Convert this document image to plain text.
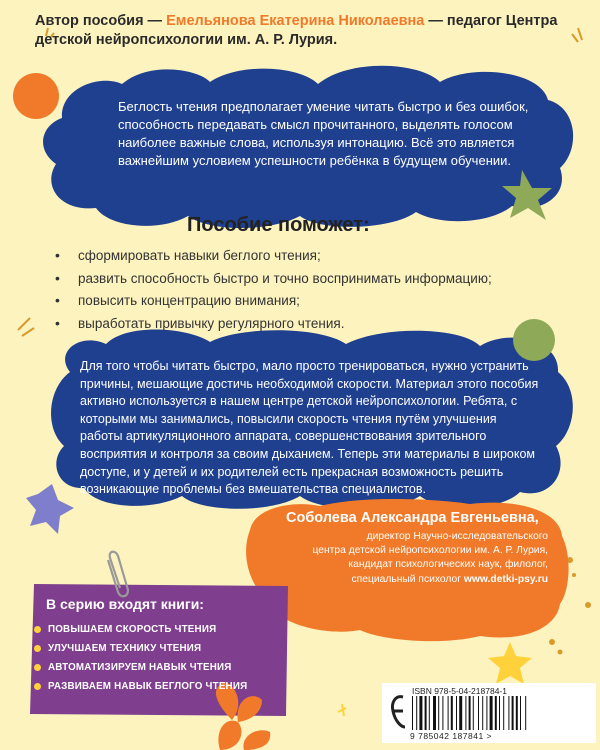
Автор пособия — Емельянова Екатерина Николаевна — педагог Центра детской нейропсихологии им. А. Р. Лурия.
Беглость чтения предполагает умение читать быстро и без ошибок, способность передавать смысл прочитанного, выделять голосом наиболее важные слова, используя интонацию. Всё это является важнейшим условием успешности ребёнка в будущем обучении.
Пособие поможет:
• сформировать навыки беглого чтения;
• развить способность быстро и точно воспринимать информацию;
• повысить концентрацию внимания;
• выработать привычку регулярного чтения.
Для того чтобы читать быстро, мало просто тренироваться, нужно устранить причины, мешающие достичь необходимой скорости. Материал этого пособия активно используется в нашем центре детской нейропсихологии. Ребята, с которыми мы занимались, повысили скорость чтения путём улучшения работы артикуляционного аппарата, совершенствования зрительного восприятия и контроля за своим дыханием. Теперь эти материалы в широком доступе, и у детей и их родителей есть прекрасная возможность решить возникающие проблемы без вмешательства специалистов.
Соболева Александра Евгеньевна,
директор Научно-исследовательского
центра детской нейропсихологии им. А. Р. Лурия,
кандидат психологических наук, филолог,
специальный психолог www.detki-psy.ru
В серию входят книги:
ПОВЫШАЕМ СКОРОСТЬ ЧТЕНИЯ
УЛУЧШАЕМ ТЕХНИКУ ЧТЕНИЯ
АВТОМАТИЗИРУЕМ НАВЫК ЧТЕНИЯ
РАЗВИВАЕМ НАВЫК БЕГЛОГО ЧТЕНИЯ	ISBN 978-5-04-218784-1
9 785042 187841 >
